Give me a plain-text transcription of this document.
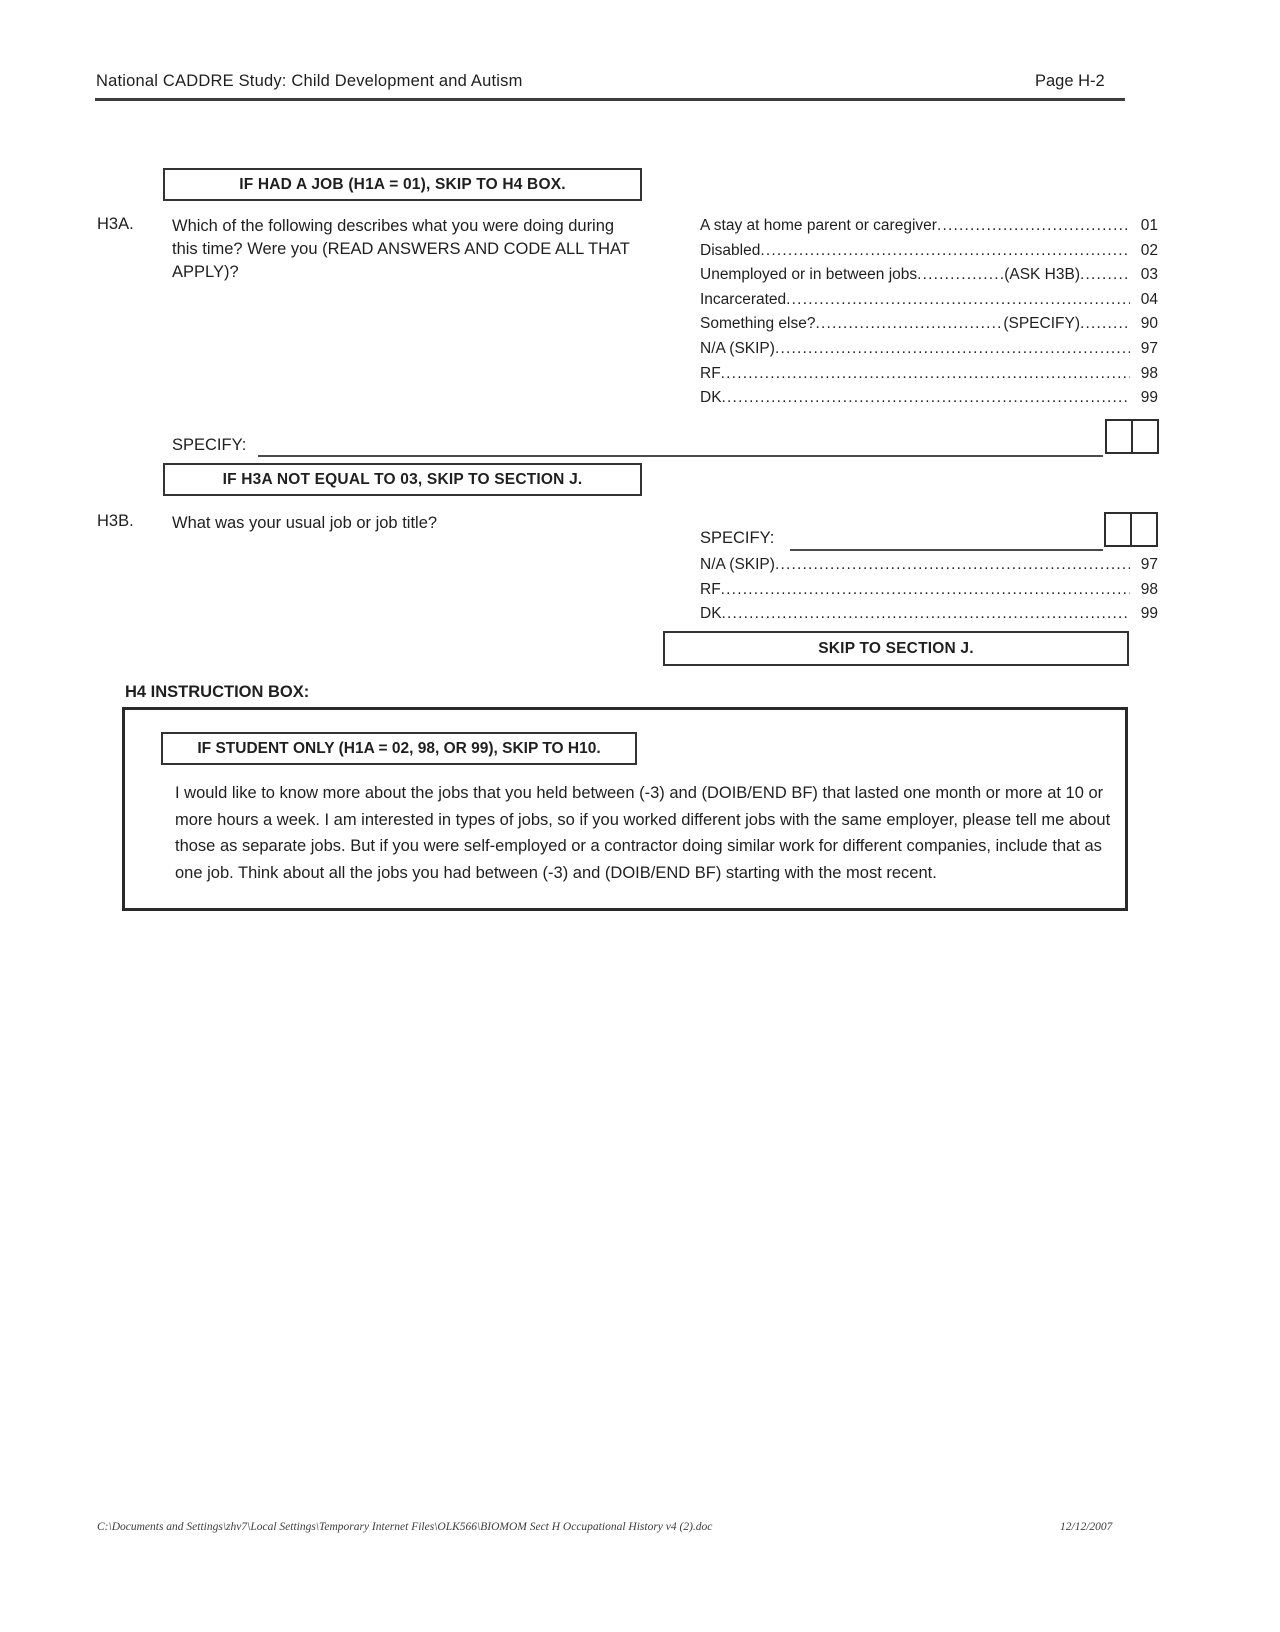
National CADDRE Study: Child Development and Autism	Page H-2
IF HAD A JOB (H1A = 01), SKIP TO H4 BOX.
H3A. Which of the following describes what you were doing during this time? Were you (READ ANSWERS AND CODE ALL THAT APPLY)?
A stay at home parent or caregiver .....	01
Disabled .....	02
Unemployed or in between jobs .....	(ASK H3B) .....	03
Incarcerated .....	04
Something else? .....	(SPECIFY) .....	90
N/A (SKIP) .....	97
RF .....	98
DK .....	99
SPECIFY:
IF H3A NOT EQUAL TO 03, SKIP TO SECTION J.
H3B. What was your usual job or job title?
SPECIFY:
N/A (SKIP) .....	97
RF .....	98
DK .....	99
SKIP TO SECTION J.
H4 INSTRUCTION BOX:
IF STUDENT ONLY (H1A = 02, 98, OR 99), SKIP TO H10.
I would like to know more about the jobs that you held between (-3) and (DOIB/END BF) that lasted one month or more at 10 or more hours a week. I am interested in types of jobs, so if you worked different jobs with the same employer, please tell me about those as separate jobs. But if you were self-employed or a contractor doing similar work for different companies, include that as one job. Think about all the jobs you had between (-3) and (DOIB/END BF) starting with the most recent.
C:\Documents and Settings\zhv7\Local Settings\Temporary Internet Files\OLK566\BIOMOM Sect H Occupational History v4 (2).doc	12/12/2007
